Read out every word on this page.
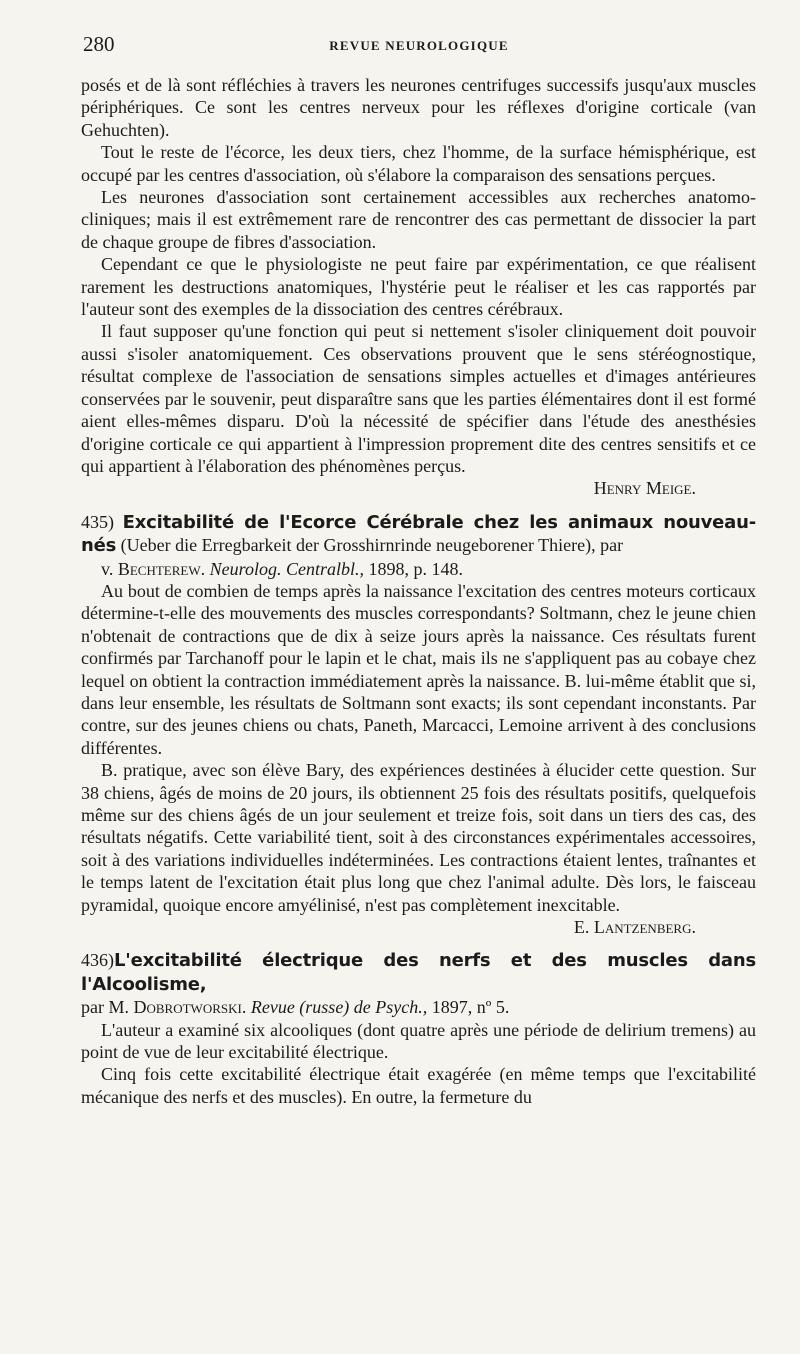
280	REVUE NEUROLOGIQUE

posés et de là sont réfléchies à travers les neurones centrifuges successifs jusqu'aux muscles périphériques. Ce sont les centres nerveux pour les réflexes d'origine corticale (van Gehuchten).

Tout le reste de l'écorce, les deux tiers, chez l'homme, de la surface hémisphérique, est occupé par les centres d'association, où s'élabore la comparaison des sensations perçues.

Les neurones d'association sont certainement accessibles aux recherches anatomo-cliniques; mais il est extrêmement rare de rencontrer des cas permettant de dissocier la part de chaque groupe de fibres d'association.

Cependant ce que le physiologiste ne peut faire par expérimentation, ce que réalisent rarement les destructions anatomiques, l'hystérie peut le réaliser et les cas rapportés par l'auteur sont des exemples de la dissociation des centres cérébraux.

Il faut supposer qu'une fonction qui peut si nettement s'isoler cliniquement doit pouvoir aussi s'isoler anatomiquement. Ces observations prouvent que le sens stéréognostique, résultat complexe de l'association de sensations simples actuelles et d'images antérieures conservées par le souvenir, peut disparaître sans que les parties élémentaires dont il est formé aient elles-mêmes disparu. D'où la nécessité de spécifier dans l'étude des anesthésies d'origine corticale ce qui appartient à l'impression proprement dite des centres sensitifs et ce qui appartient à l'élaboration des phénomènes perçus.

Henry Meige.

435) Excitabilité de l'Ecorce Cérébrale chez les animaux nouveau-nés (Ueber die Erregbarkeit der Grosshirnrinde neugeborener Thiere), par

v. Bechterew. Neurolog. Centralbl., 1898, p. 148.

Au bout de combien de temps après la naissance l'excitation des centres moteurs corticaux détermine-t-elle des mouvements des muscles correspondants? Soltmann, chez le jeune chien n'obtenait de contractions que de dix à seize jours après la naissance. Ces résultats furent confirmés par Tarchanoff pour le lapin et le chat, mais ils ne s'appliquent pas au cobaye chez lequel on obtient la contraction immédiatement après la naissance. B. lui-même établit que si, dans leur ensemble, les résultats de Soltmann sont exacts; ils sont cependant inconstants. Par contre, sur des jeunes chiens ou chats, Paneth, Marcacci, Lemoine arrivent à des conclusions différentes.

B. pratique, avec son élève Bary, des expériences destinées à élucider cette question. Sur 38 chiens, âgés de moins de 20 jours, ils obtiennent 25 fois des résultats positifs, quelquefois même sur des chiens âgés de un jour seulement et treize fois, soit dans un tiers des cas, des résultats négatifs. Cette variabilité tient, soit à des circonstances expérimentales accessoires, soit à des variations individuelles indéterminées. Les contractions étaient lentes, traînantes et le temps latent de l'excitation était plus long que chez l'animal adulte. Dès lors, le faisceau pyramidal, quoique encore amyélinisé, n'est pas complètement inexcitable.

E. Lantzenberg.

436)L'excitabilité électrique des nerfs et des muscles dans l'Alcoolisme,

par M. Dobrotworski. Revue (russe) de Psych., 1897, nº 5.

L'auteur a examiné six alcooliques (dont quatre après une période de delirium tremens) au point de vue de leur excitabilité électrique.

Cinq fois cette excitabilité électrique était exagérée (en même temps que l'excitabilité mécanique des nerfs et des muscles). En outre, la fermeture du
